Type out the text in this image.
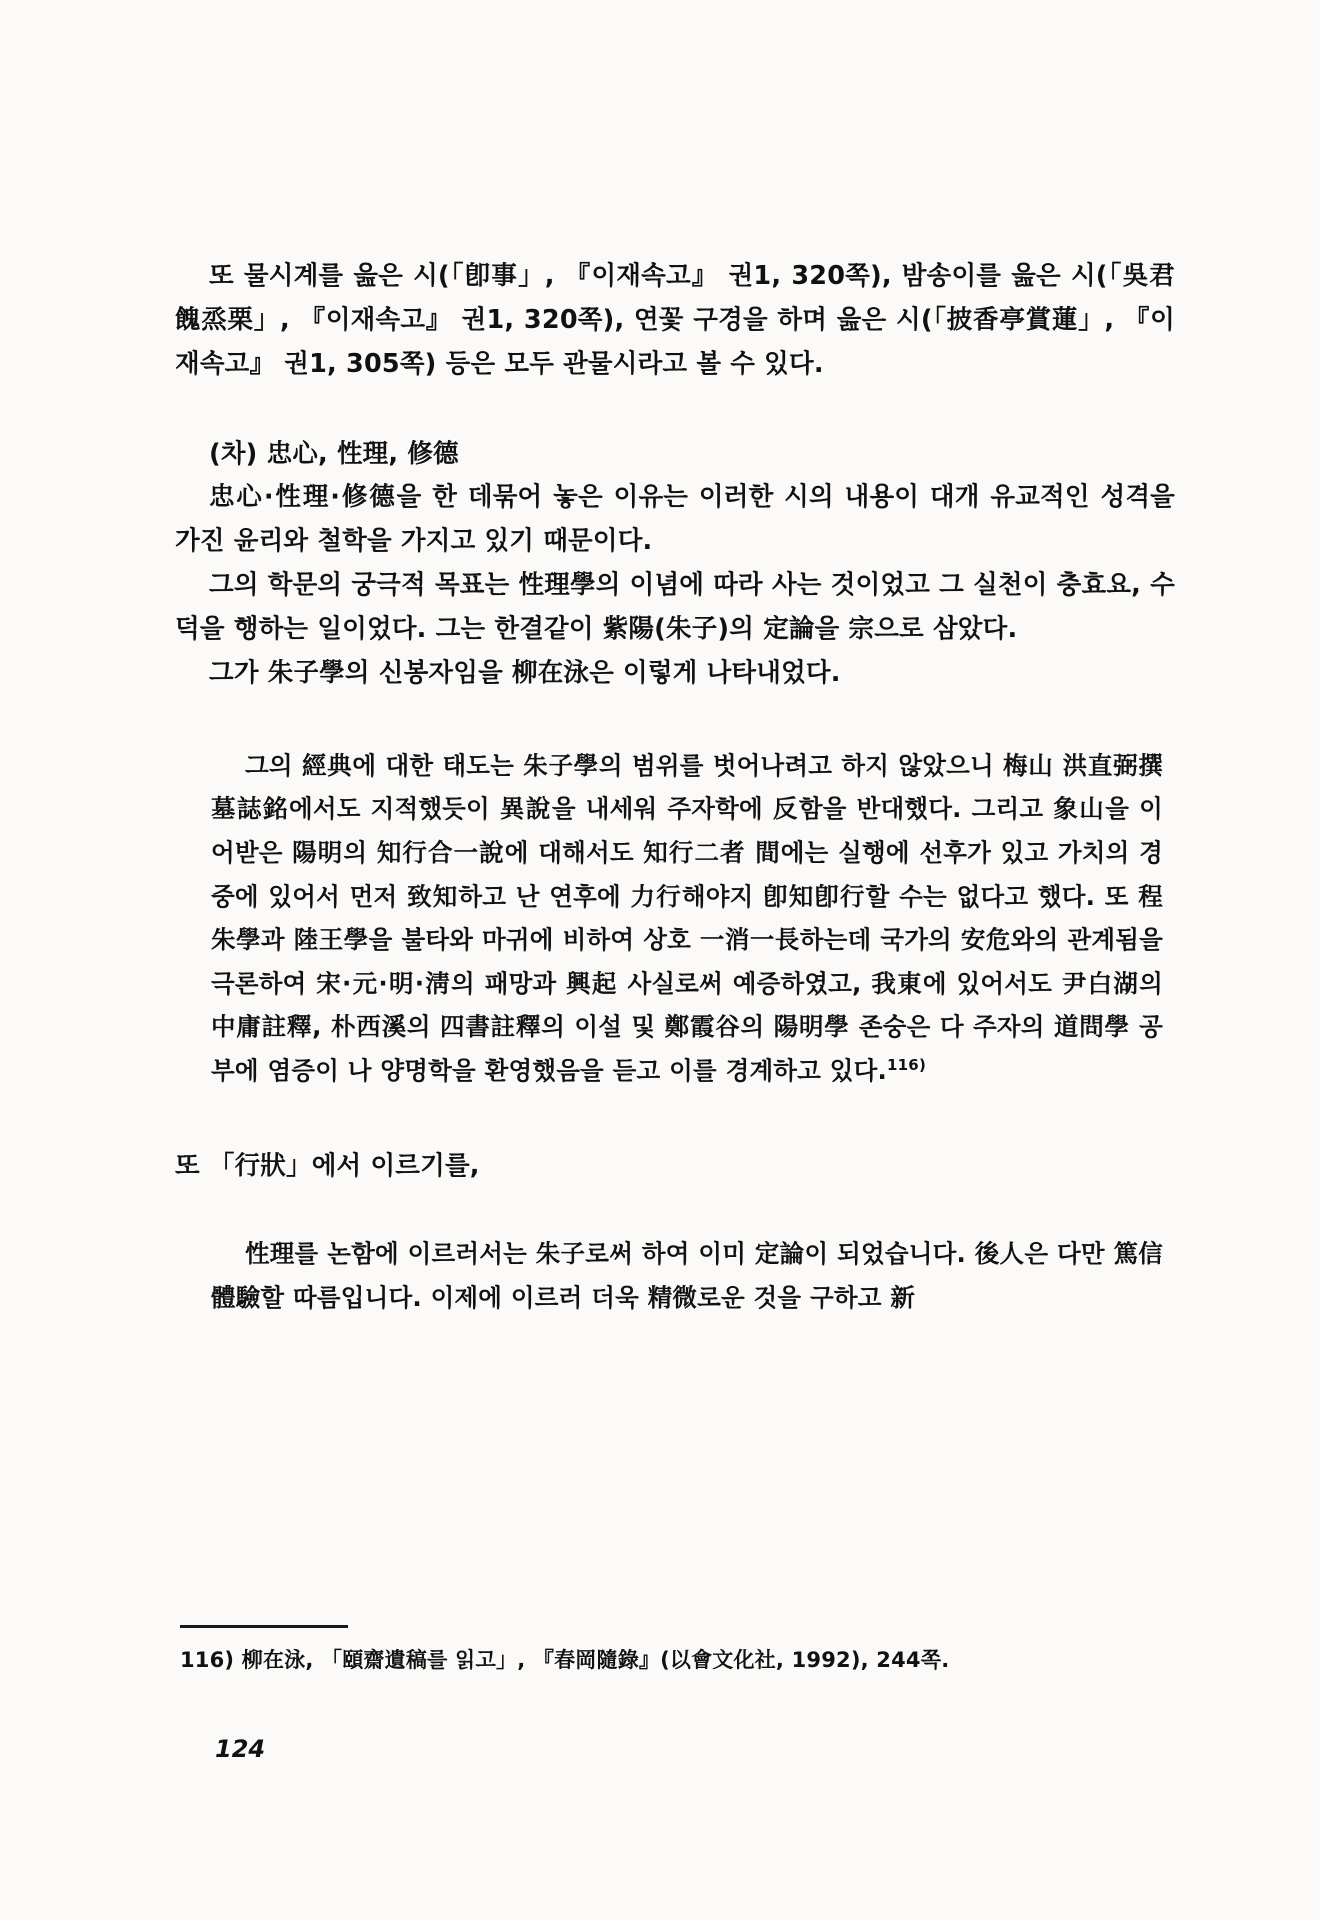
또 물시계를 읊은 시(「卽事」, 『이재속고』 권1, 320쪽), 밤송이를 읊은 시(「吳君餽烝栗」, 『이재속고』 권1, 320쪽), 연꽃 구경을 하며 읊은 시(「披香亭賞蓮」, 『이재속고』 권1, 305쪽) 등은 모두 관물시라고 볼 수 있다.

(차) 忠心, 性理, 修德

忠心·性理·修德을 한 데묶어 놓은 이유는 이러한 시의 내용이 대개 유교적인 성격을 가진 윤리와 철학을 가지고 있기 때문이다.

그의 학문의 궁극적 목표는 性理學의 이념에 따라 사는 것이었고 그 실천이 충효요, 수덕을 행하는 일이었다. 그는 한결같이 紫陽(朱子)의 定論을 宗으로 삼았다.

그가 朱子學의 신봉자임을 柳在泳은 이렇게 나타내었다.

그의 經典에 대한 태도는 朱子學의 범위를 벗어나려고 하지 않았으니 梅山 洪直弼撰 墓誌銘에서도 지적했듯이 異說을 내세워 주자학에 反함을 반대했다. 그리고 象山을 이어받은 陽明의 知行合一說에 대해서도 知行二者 間에는 실행에 선후가 있고 가치의 경중에 있어서 먼저 致知하고 난 연후에 力行해야지 卽知卽行할 수는 없다고 했다. 또 程朱學과 陸王學을 불타와 마귀에 비하여 상호 一消一長하는데 국가의 安危와의 관계됨을 극론하여 宋·元·明·淸의 패망과 興起 사실로써 예증하였고, 我東에 있어서도 尹白湖의 中庸註釋, 朴西溪의 四書註釋의 이설 및 鄭霞谷의 陽明學 존숭은 다 주자의 道問學 공부에 염증이 나 양명학을 환영했음을 듣고 이를 경계하고 있다.$^{116)}$

또 「行狀」에서 이르기를,

性理를 논함에 이르러서는 朱子로써 하여 이미 定論이 되었습니다. 後人은 다만 篤信體驗할 따름입니다. 이제에 이르러 더욱 精微로운 것을 구하고 新

116) 柳在泳, 「頤齋遺稿를 읽고」, 『春岡隨錄』(以會文化社, 1992), 244쪽.
124
